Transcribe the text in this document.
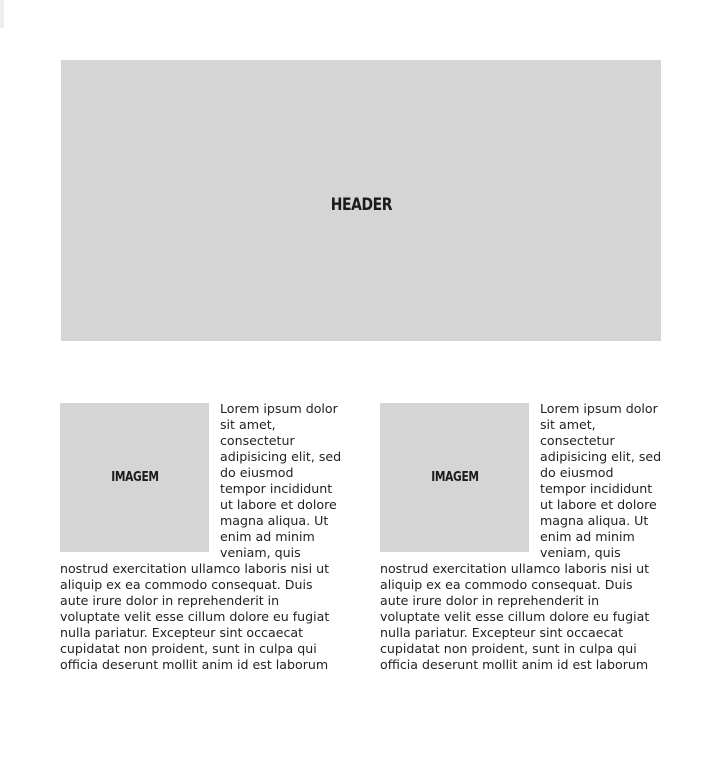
HEADER
IMAGEM

Lorem ipsum dolor sit amet, consectetur adipisicing elit, sed do eiusmod tempor incididunt ut labore et dolore magna aliqua. Ut enim ad minim veniam, quis nostrud exercitation ullamco laboris nisi ut aliquip ex ea commodo consequat. Duis aute irure dolor in reprehenderit in voluptate velit esse cillum dolore eu fugiat nulla pariatur. Excepteur sint occaecat cupidatat non proident, sunt in culpa qui officia deserunt mollit anim id est laborum

IMAGEM

Lorem ipsum dolor sit amet, consectetur adipisicing elit, sed do eiusmod tempor incididunt ut labore et dolore magna aliqua. Ut enim ad minim veniam, quis nostrud exercitation ullamco laboris nisi ut aliquip ex ea commodo consequat. Duis aute irure dolor in reprehenderit in voluptate velit esse cillum dolore eu fugiat nulla pariatur. Excepteur sint occaecat cupidatat non proident, sunt in culpa qui officia deserunt mollit anim id est laborum
